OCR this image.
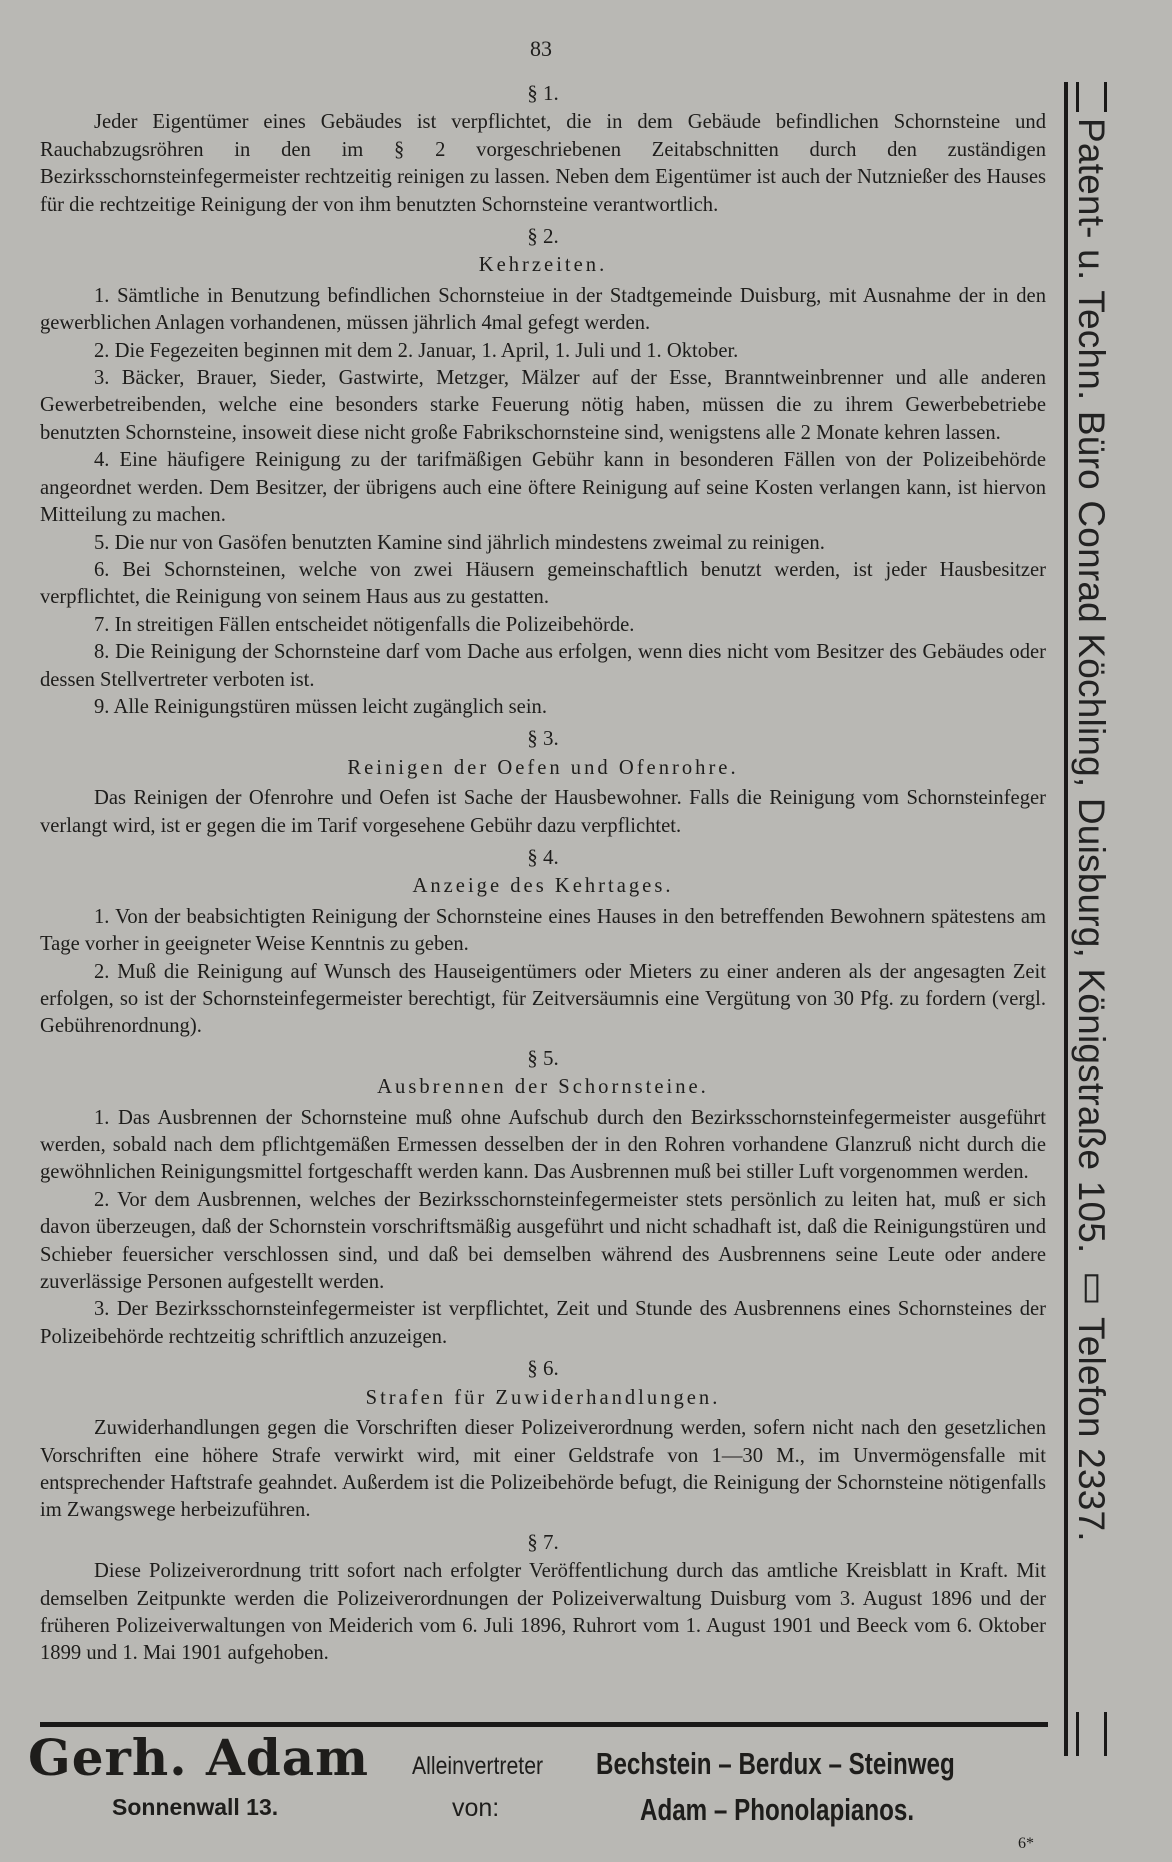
83
§ 1.

Jeder Eigentümer eines Gebäudes ist verpflichtet, die in dem Gebäude befindlichen Schornsteine und Rauchabzugsröhren in den im § 2 vorgeschriebenen Zeitabschnitten durch den zuständigen Bezirksschornsteinfegermeister rechtzeitig reinigen zu lassen. Neben dem Eigentümer ist auch der Nutznießer des Hauses für die rechtzeitige Reinigung der von ihm benutzten Schornsteine verantwortlich.

§ 2.
Kehrzeiten.

1. Sämtliche in Benutzung befindlichen Schornsteiue in der Stadtgemeinde Duisburg, mit Ausnahme der in den gewerblichen Anlagen vorhandenen, müssen jährlich 4mal gefegt werden.

2. Die Fegezeiten beginnen mit dem 2. Januar, 1. April, 1. Juli und 1. Oktober.

3. Bäcker, Brauer, Sieder, Gastwirte, Metzger, Mälzer auf der Esse, Branntweinbrenner und alle anderen Gewerbetreibenden, welche eine besonders starke Feuerung nötig haben, müssen die zu ihrem Gewerbebetriebe benutzten Schornsteine, insoweit diese nicht große Fabrikschornsteine sind, wenigstens alle 2 Monate kehren lassen.

4. Eine häufigere Reinigung zu der tarifmäßigen Gebühr kann in besonderen Fällen von der Polizeibehörde angeordnet werden. Dem Besitzer, der übrigens auch eine öftere Reinigung auf seine Kosten verlangen kann, ist hiervon Mitteilung zu machen.

5. Die nur von Gasöfen benutzten Kamine sind jährlich mindestens zweimal zu reinigen.

6. Bei Schornsteinen, welche von zwei Häusern gemeinschaftlich benutzt werden, ist jeder Hausbesitzer verpflichtet, die Reinigung von seinem Haus aus zu gestatten.

7. In streitigen Fällen entscheidet nötigenfalls die Polizeibehörde.

8. Die Reinigung der Schornsteine darf vom Dache aus erfolgen, wenn dies nicht vom Besitzer des Gebäudes oder dessen Stellvertreter verboten ist.

9. Alle Reinigungstüren müssen leicht zugänglich sein.

§ 3.
Reinigen der Oefen und Ofenrohre.

Das Reinigen der Ofenrohre und Oefen ist Sache der Hausbewohner. Falls die Reinigung vom Schornsteinfeger verlangt wird, ist er gegen die im Tarif vorgesehene Gebühr dazu verpflichtet.

§ 4.
Anzeige des Kehrtages.

1. Von der beabsichtigten Reinigung der Schornsteine eines Hauses in den betreffenden Bewohnern spätestens am Tage vorher in geeigneter Weise Kenntnis zu geben.

2. Muß die Reinigung auf Wunsch des Hauseigentümers oder Mieters zu einer anderen als der angesagten Zeit erfolgen, so ist der Schornsteinfegermeister berechtigt, für Zeitversäumnis eine Vergütung von 30 Pfg. zu fordern (vergl. Gebührenordnung).

§ 5.
Ausbrennen der Schornsteine.

1. Das Ausbrennen der Schornsteine muß ohne Aufschub durch den Bezirksschornsteinfegermeister ausgeführt werden, sobald nach dem pflichtgemäßen Ermessen desselben der in den Rohren vorhandene Glanzruß nicht durch die gewöhnlichen Reinigungsmittel fortgeschafft werden kann. Das Ausbrennen muß bei stiller Luft vorgenommen werden.

2. Vor dem Ausbrennen, welches der Bezirksschornsteinfegermeister stets persönlich zu leiten hat, muß er sich davon überzeugen, daß der Schornstein vorschriftsmäßig ausgeführt und nicht schadhaft ist, daß die Reinigungstüren und Schieber feuersicher verschlossen sind, und daß bei demselben während des Ausbrennens seine Leute oder andere zuverlässige Personen aufgestellt werden.

3. Der Bezirksschornsteinfegermeister ist verpflichtet, Zeit und Stunde des Ausbrennens eines Schornsteines der Polizeibehörde rechtzeitig schriftlich anzuzeigen.

§ 6.
Strafen für Zuwiderhandlungen.

Zuwiderhandlungen gegen die Vorschriften dieser Polizeiverordnung werden, sofern nicht nach den gesetzlichen Vorschriften eine höhere Strafe verwirkt wird, mit einer Geldstrafe von 1—30 M., im Unvermögensfalle mit entsprechender Haftstrafe geahndet. Außerdem ist die Polizeibehörde befugt, die Reinigung der Schornsteine nötigenfalls im Zwangswege herbeizuführen.

§ 7.

Diese Polizeiverordnung tritt sofort nach erfolgter Veröffentlichung durch das amtliche Kreisblatt in Kraft. Mit demselben Zeitpunkte werden die Polizeiverordnungen der Polizeiverwaltung Duisburg vom 3. August 1896 und der früheren Polizeiverwaltungen von Meiderich vom 6. Juli 1896, Ruhrort vom 1. August 1901 und Beeck vom 6. Oktober 1899 und 1. Mai 1901 aufgehoben.

Gerh. Adam
Sonnenwall 13.
Alleinvertreter
von:
Bechstein – Berdux – Steinweg
Adam – Phonolapianos.
6*
Patent- u. Techn. Büro Conrad Köchling, Duisburg, Königstraße 105. ▯ Telefon 2337.
